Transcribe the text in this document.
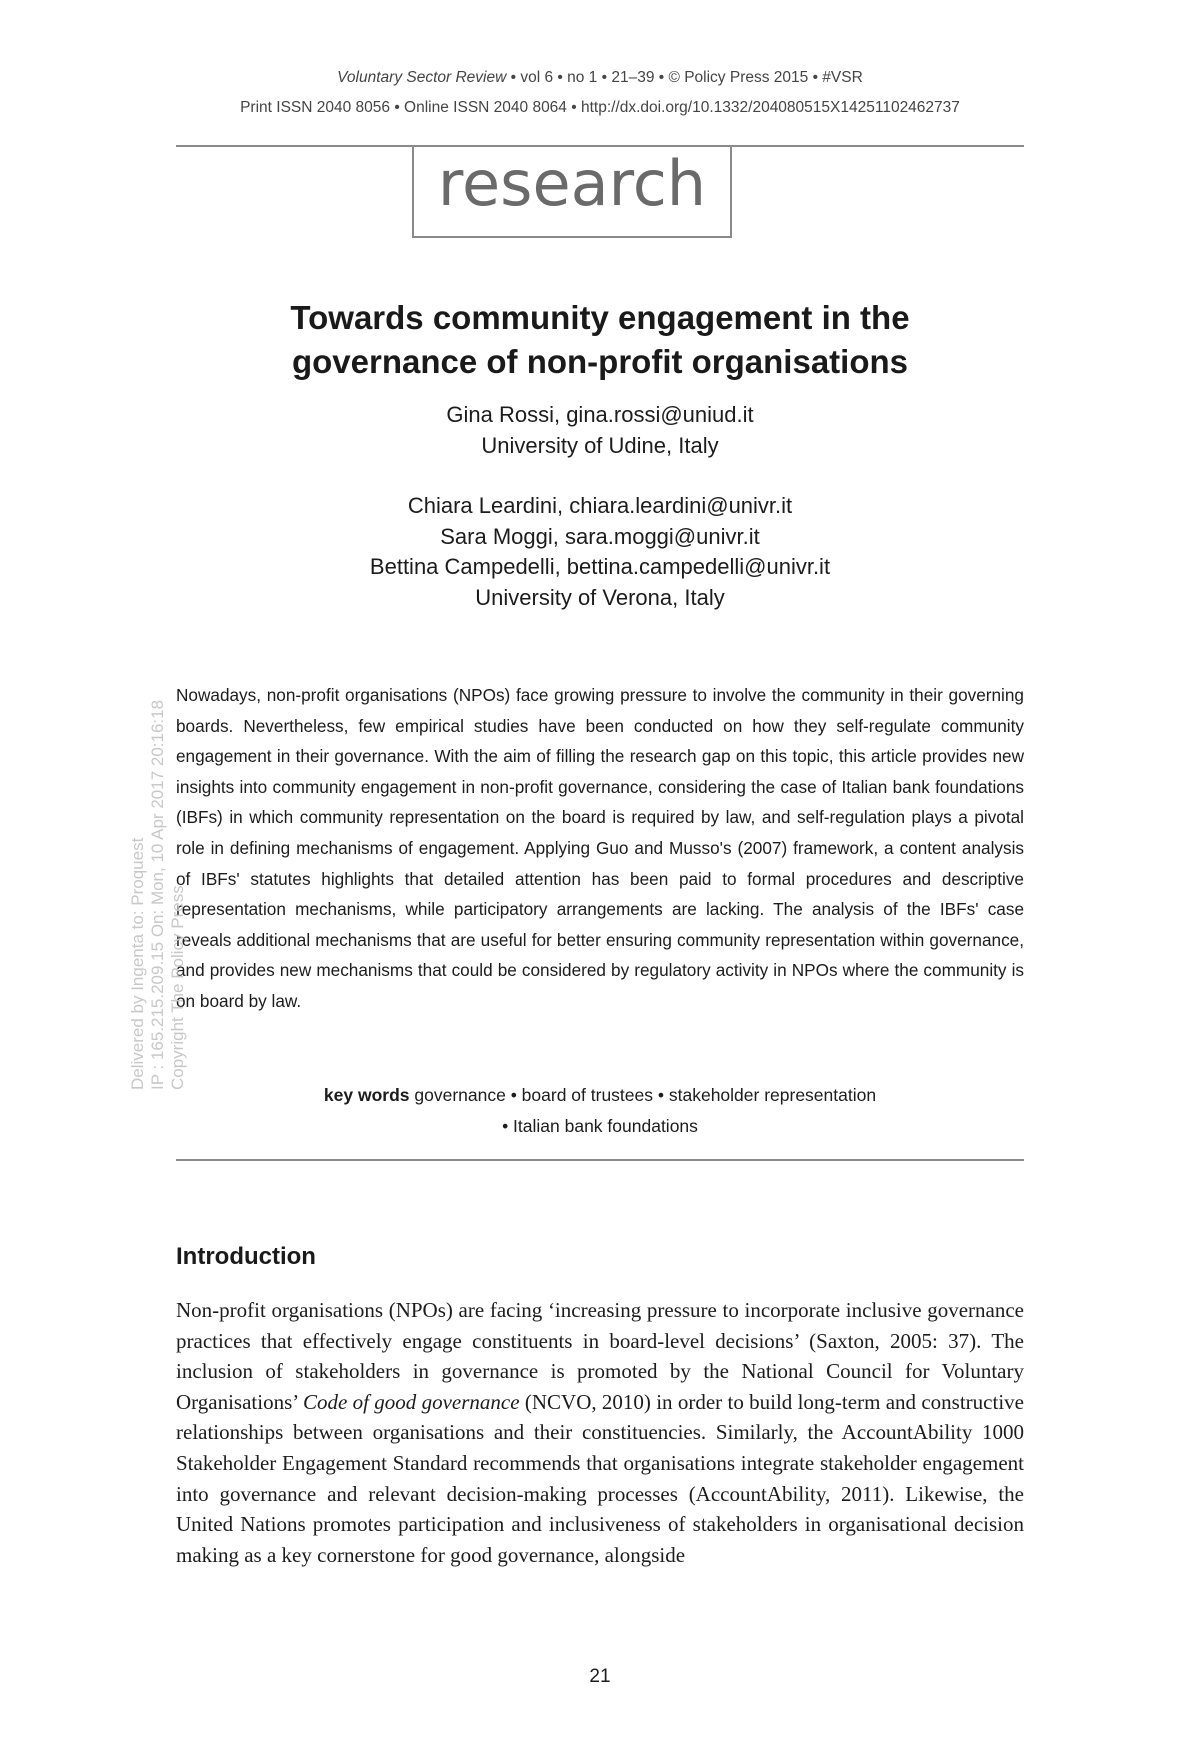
Voluntary Sector Review • vol 6 • no 1 • 21–39 • © Policy Press 2015 • #VSR
Print ISSN 2040 8056 • Online ISSN 2040 8064 • http://dx.doi.org/10.1332/204080515X14251102462737
research
Towards community engagement in the
governance of non-profit organisations
Gina Rossi, gina.rossi@uniud.it
University of Udine, Italy
Chiara Leardini, chiara.leardini@univr.it
Sara Moggi, sara.moggi@univr.it
Bettina Campedelli, bettina.campedelli@univr.it
University of Verona, Italy
Nowadays, non-profit organisations (NPOs) face growing pressure to involve the community in their governing boards. Nevertheless, few empirical studies have been conducted on how they self-regulate community engagement in their governance. With the aim of filling the research gap on this topic, this article provides new insights into community engagement in non-profit governance, considering the case of Italian bank foundations (IBFs) in which community representation on the board is required by law, and self-regulation plays a pivotal role in defining mechanisms of engagement. Applying Guo and Musso's (2007) framework, a content analysis of IBFs' statutes highlights that detailed attention has been paid to formal procedures and descriptive representation mechanisms, while participatory arrangements are lacking. The analysis of the IBFs' case reveals additional mechanisms that are useful for better ensuring community representation within governance, and provides new mechanisms that could be considered by regulatory activity in NPOs where the community is on board by law.
key words governance • board of trustees • stakeholder representation
• Italian bank foundations
Introduction
Non-profit organisations (NPOs) are facing ‘increasing pressure to incorporate inclusive governance practices that effectively engage constituents in board-level decisions’ (Saxton, 2005: 37). The inclusion of stakeholders in governance is promoted by the National Council for Voluntary Organisations’ Code of good governance (NCVO, 2010) in order to build long-term and constructive relationships between organisations and their constituencies. Similarly, the AccountAbility 1000 Stakeholder Engagement Standard recommends that organisations integrate stakeholder engagement into governance and relevant decision-making processes (AccountAbility, 2011). Likewise, the United Nations promotes participation and inclusiveness of stakeholders in organisational decision making as a key cornerstone for good governance, alongside
21
Delivered by Ingenta to: Proquest IP : 165.215.209.15 On: Mon, 10 Apr 2017 20:16:18 Copyright The Policy Press
